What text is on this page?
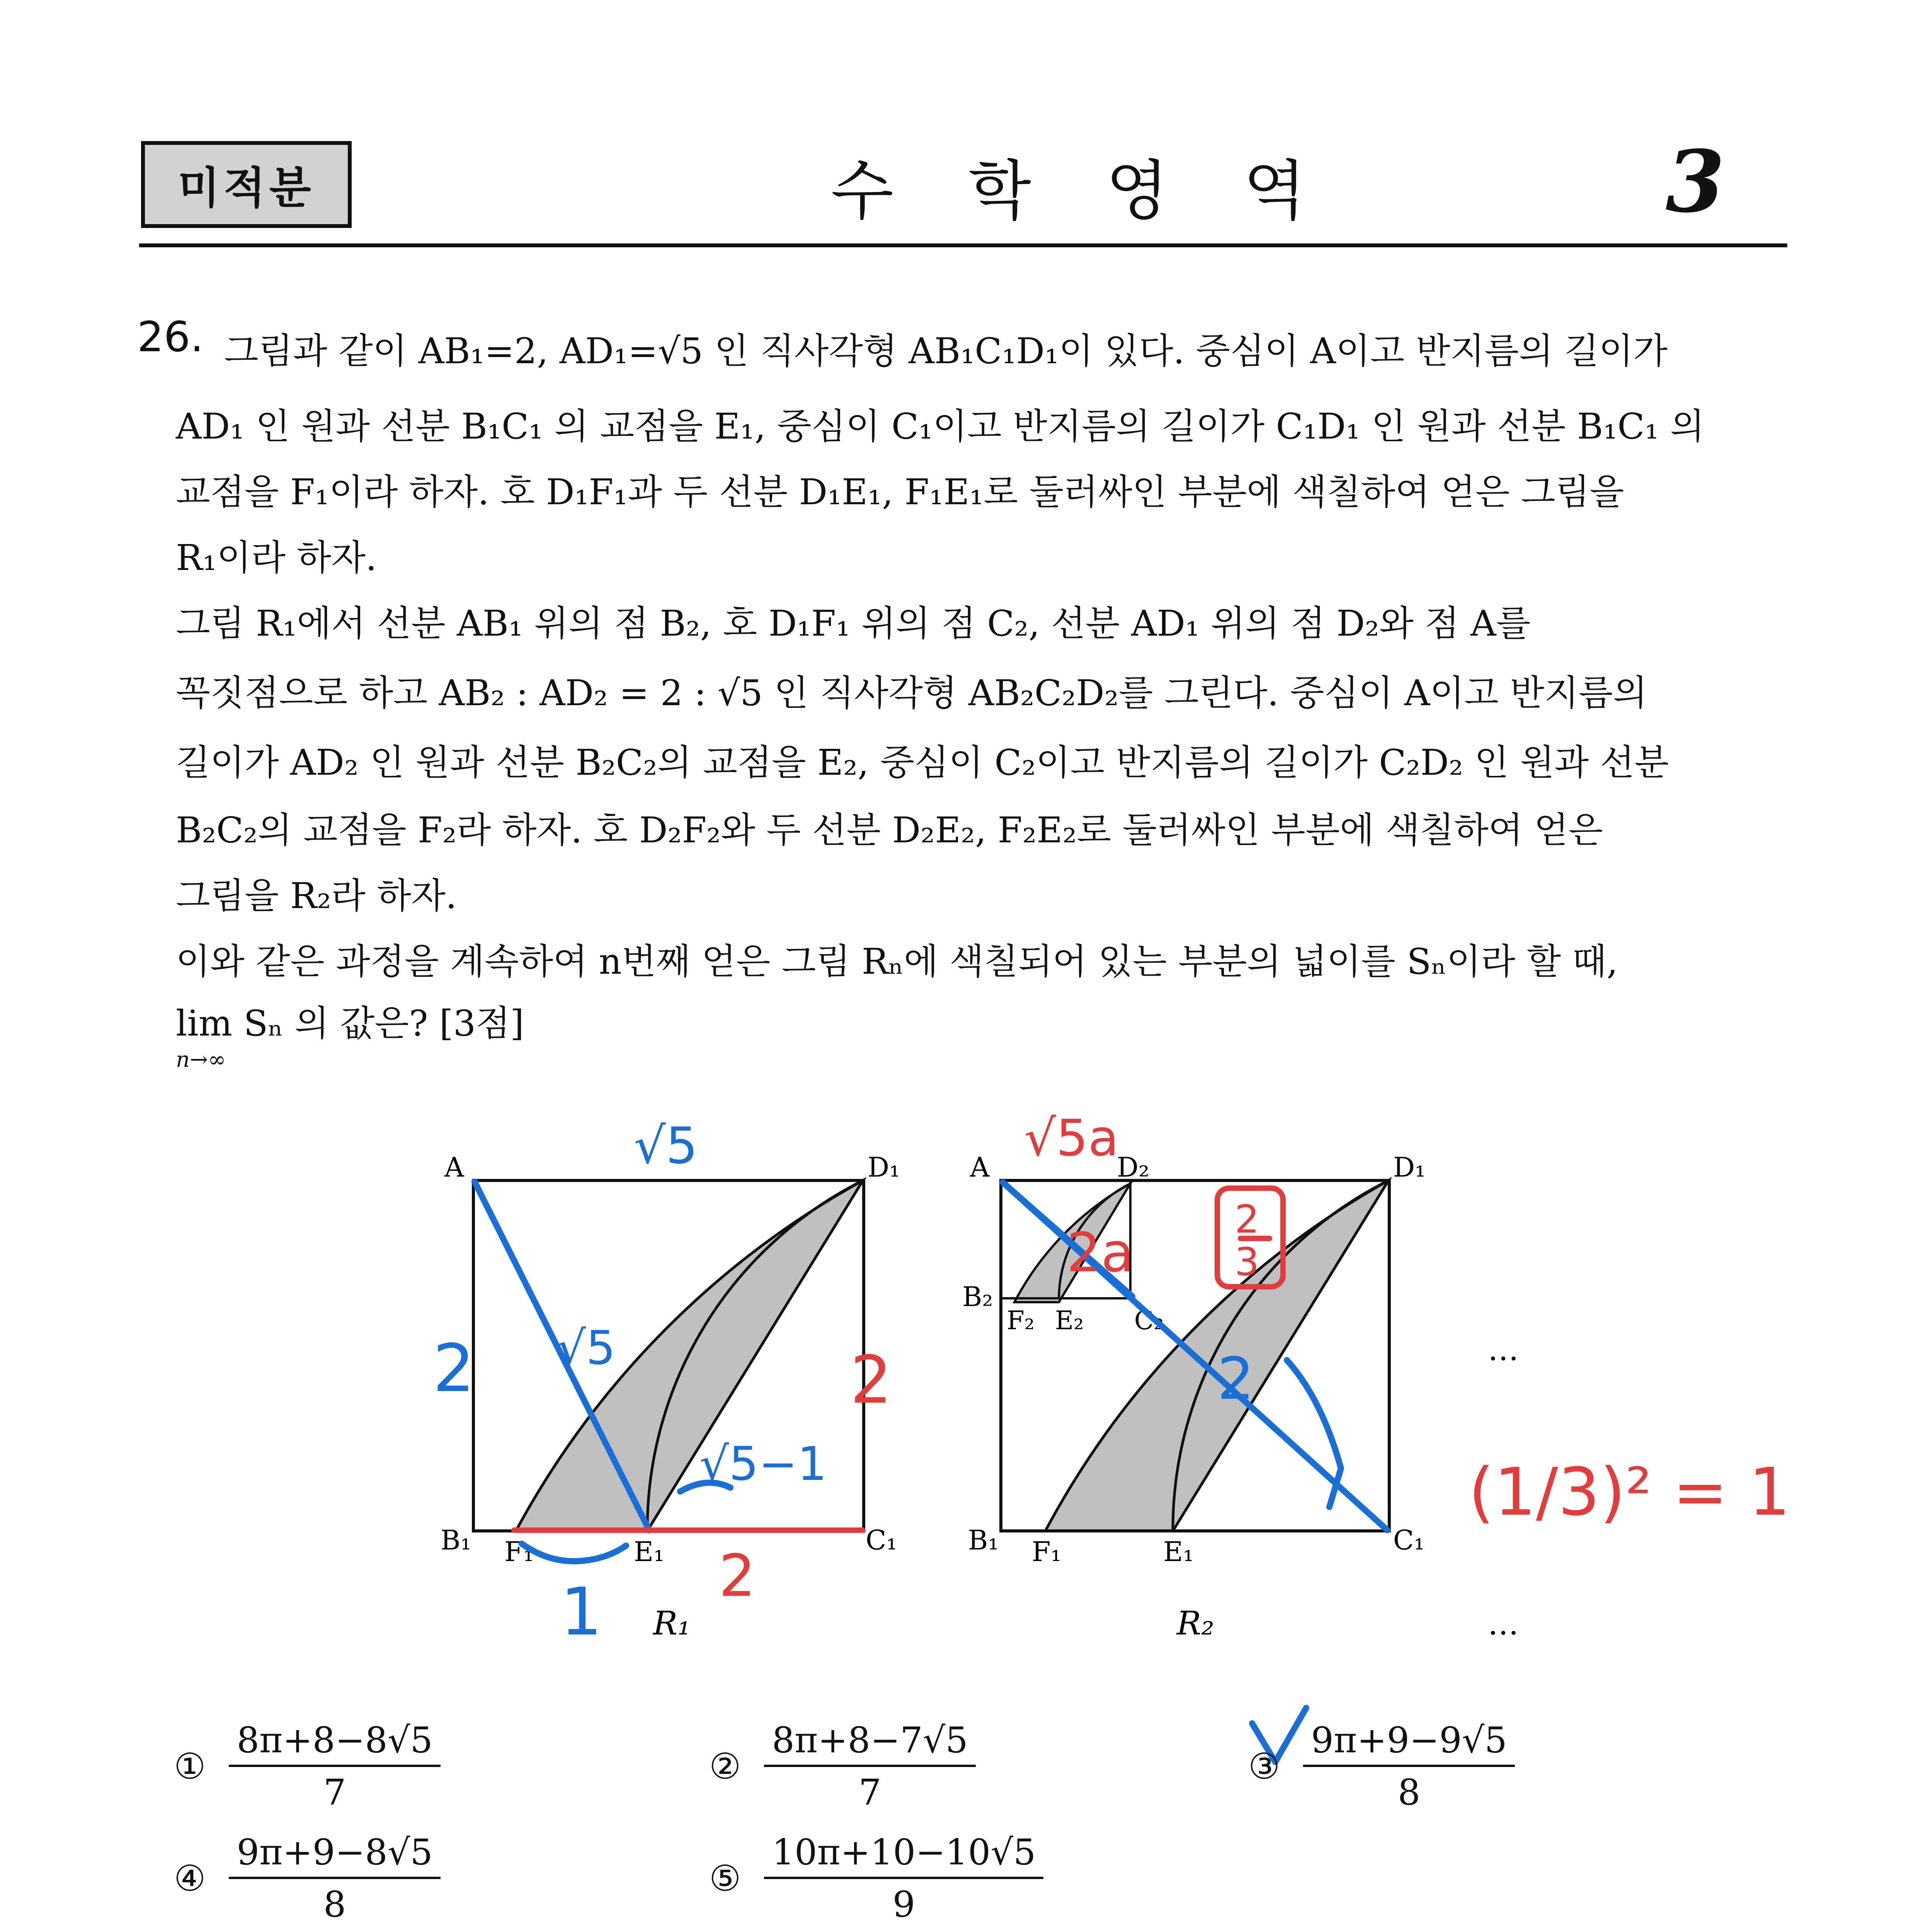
미적분	수 학 영 역	3
26. 그림과 같이 AB₁=2, AD₁=√5 인 직사각형 AB₁C₁D₁이 있다. 중심이 A이고 반지름의 길이가
AD₁ 인 원과 선분 B₁C₁ 의 교점을 E₁, 중심이 C₁이고 반지름의 길이가 C₁D₁ 인 원과 선분 B₁C₁ 의
교점을 F₁이라 하자. 호 D₁F₁과 두 선분 D₁E₁, F₁E₁로 둘러싸인 부분에 색칠하여 얻은 그림을
R₁이라 하자.
그림 R₁에서 선분 AB₁ 위의 점 B₂, 호 D₁F₁ 위의 점 C₂, 선분 AD₁ 위의 점 D₂와 점 A를
꼭짓점으로 하고 AB₂ : AD₂ = 2 : √5 인 직사각형 AB₂C₂D₂를 그린다. 중심이 A이고 반지름의
길이가 AD₂ 인 원과 선분 B₂C₂의 교점을 E₂, 중심이 C₂이고 반지름의 길이가 C₂D₂ 인 원과 선분
B₂C₂의 교점을 F₂라 하자. 호 D₂F₂와 두 선분 D₂E₂, F₂E₂로 둘러싸인 부분에 색칠하여 얻은
그림을 R₂라 하자.
이와 같은 과정을 계속하여 n번째 얻은 그림 Rₙ에 색칠되어 있는 부분의 넓이를 Sₙ이라 할 때,
lim Sₙ 의 값은? [3점]
n→∞
A	D₁
B₁ F₁	E₁	C₁
R₁
A	D₂	D₁
B₂
F₂ E₂ C₂
B₁ F₁	E₁	C₁
R₂
…
…
√5
2 √5
√5−1
1
2a
2
2
2
√5a
2
3
(1/3)² = 1
① $\frac{8\pi+8-8√5}{7}$	② $\frac{8\pi+8-7√5}{7}$	③ $\frac{9\pi+9-9√5}{8}$
④ $\frac{9\pi+9-8√5}{8}$	⑤ $\frac{10\pi+10-10√5}{9}$
